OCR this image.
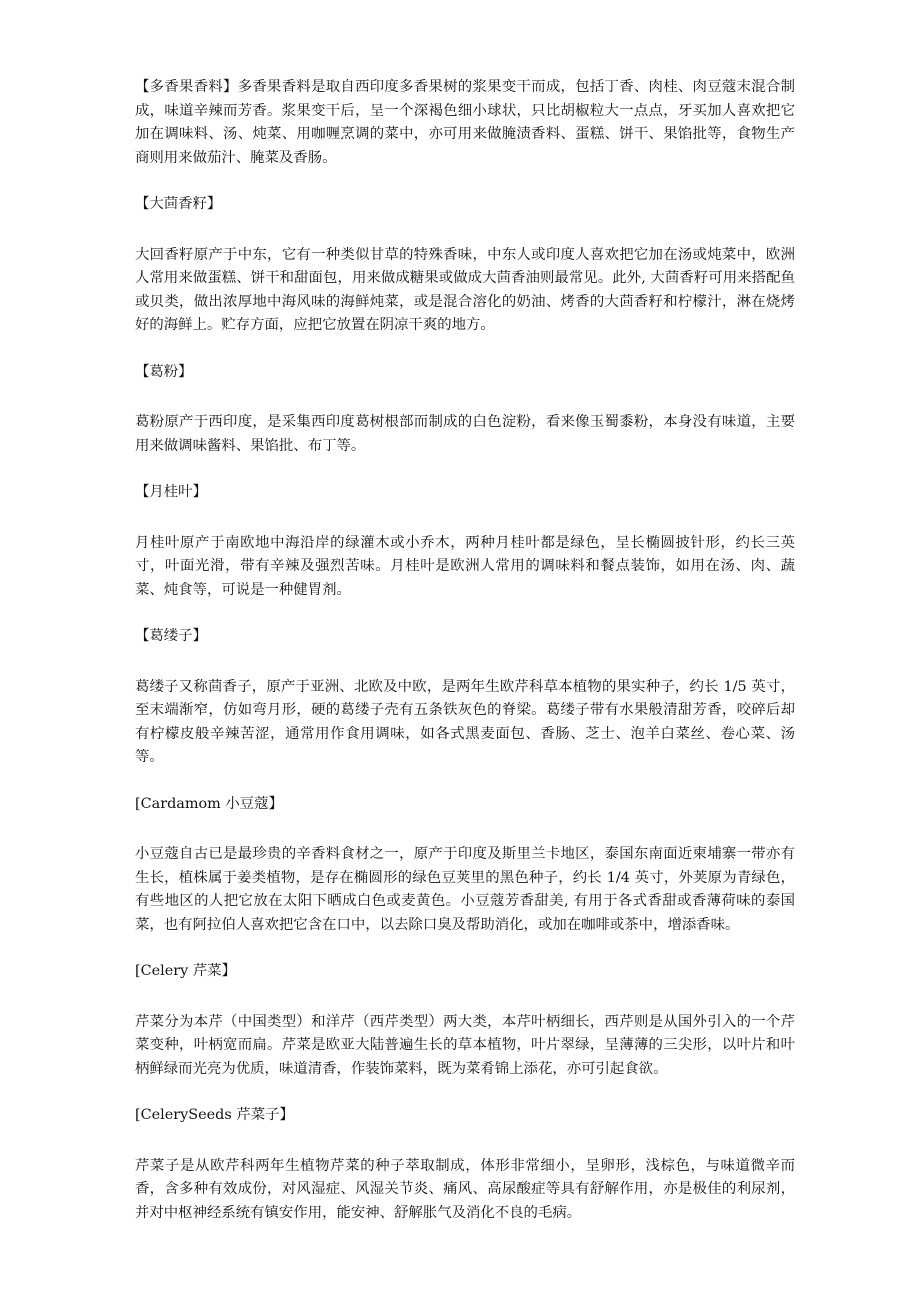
【多香果香料】多香果香料是取自西印度多香果树的浆果变干而成，包括丁香、肉桂、肉豆蔻末混合制成，味道辛辣而芳香。浆果变干后，呈一个深褐色细小球状，只比胡椒粒大一点点，牙买加人喜欢把它加在调味料、汤、炖菜、用咖喱烹调的菜中，亦可用来做腌渍香料、蛋糕、饼干、果馅批等，食物生产商则用来做茄汁、腌菜及香肠。

【大茴香籽】

大回香籽原产于中东，它有一种类似甘草的特殊香味，中东人或印度人喜欢把它加在汤或炖菜中，欧洲人常用来做蛋糕、饼干和甜面包，用来做成糖果或做成大茴香油则最常见。此外, 大茴香籽可用来搭配鱼或贝类，做出浓厚地中海风味的海鲜炖菜，或是混合溶化的奶油、烤香的大茴香籽和柠檬汁，淋在烧烤好的海鲜上。贮存方面，应把它放置在阴凉干爽的地方。

【葛粉】

葛粉原产于西印度，是采集西印度葛树根部而制成的白色淀粉，看来像玉蜀黍粉，本身没有味道，主要用来做调味酱料、果馅批、布丁等。

【月桂叶】

月桂叶原产于南欧地中海沿岸的绿灌木或小乔木，两种月桂叶都是绿色，呈长椭圆披针形，约长三英寸，叶面光滑，带有辛辣及强烈苦味。月桂叶是欧洲人常用的调味料和餐点装饰，如用在汤、肉、蔬菜、炖食等，可说是一种健胃剂。

【葛缕子】

葛缕子又称茴香子，原产于亚洲、北欧及中欧，是两年生欧芹科草本植物的果实种子，约长 1/5 英寸，至末端渐窄，仿如弯月形，硬的葛缕子壳有五条铁灰色的脊梁。葛缕子带有水果般清甜芳香，咬碎后却有柠檬皮般辛辣苦涩，通常用作食用调味，如各式黑麦面包、香肠、芝士、泡羊白菜丝、卷心菜、汤等。

[Cardamom 小豆蔻】

小豆蔻自古已是最珍贵的辛香料食材之一，原产于印度及斯里兰卡地区，泰国东南面近柬埔寨一带亦有生长，植株属于姜类植物，是存在椭圆形的绿色豆荚里的黑色种子，约长 1/4 英寸，外荚原为青绿色，有些地区的人把它放在太阳下晒成白色或麦黄色。小豆蔻芳香甜美, 有用于各式香甜或香薄荷味的泰国菜，也有阿拉伯人喜欢把它含在口中，以去除口臭及帮助消化，或加在咖啡或茶中，增添香味。

[Celery 芹菜】

芹菜分为本芹（中国类型）和洋芹（西芹类型）两大类，本芹叶柄细长，西芹则是从国外引入的一个芹菜变种，叶柄宽而扁。芹菜是欧亚大陆普遍生长的草本植物，叶片翠绿，呈薄薄的三尖形，以叶片和叶柄鲜绿而光亮为优质，味道清香，作装饰菜料，既为菜肴锦上添花，亦可引起食欲。

[CelerySeeds 芹菜子】

芹菜子是从欧芹科两年生植物芹菜的种子萃取制成，体形非常细小，呈卵形，浅棕色，与味道微辛而香，含多种有效成份，对风湿症、风湿关节炎、痛风、高尿酸症等具有舒解作用，亦是极佳的利尿剂，并对中枢神经系统有镇安作用，能安神、舒解胀气及消化不良的毛病。
